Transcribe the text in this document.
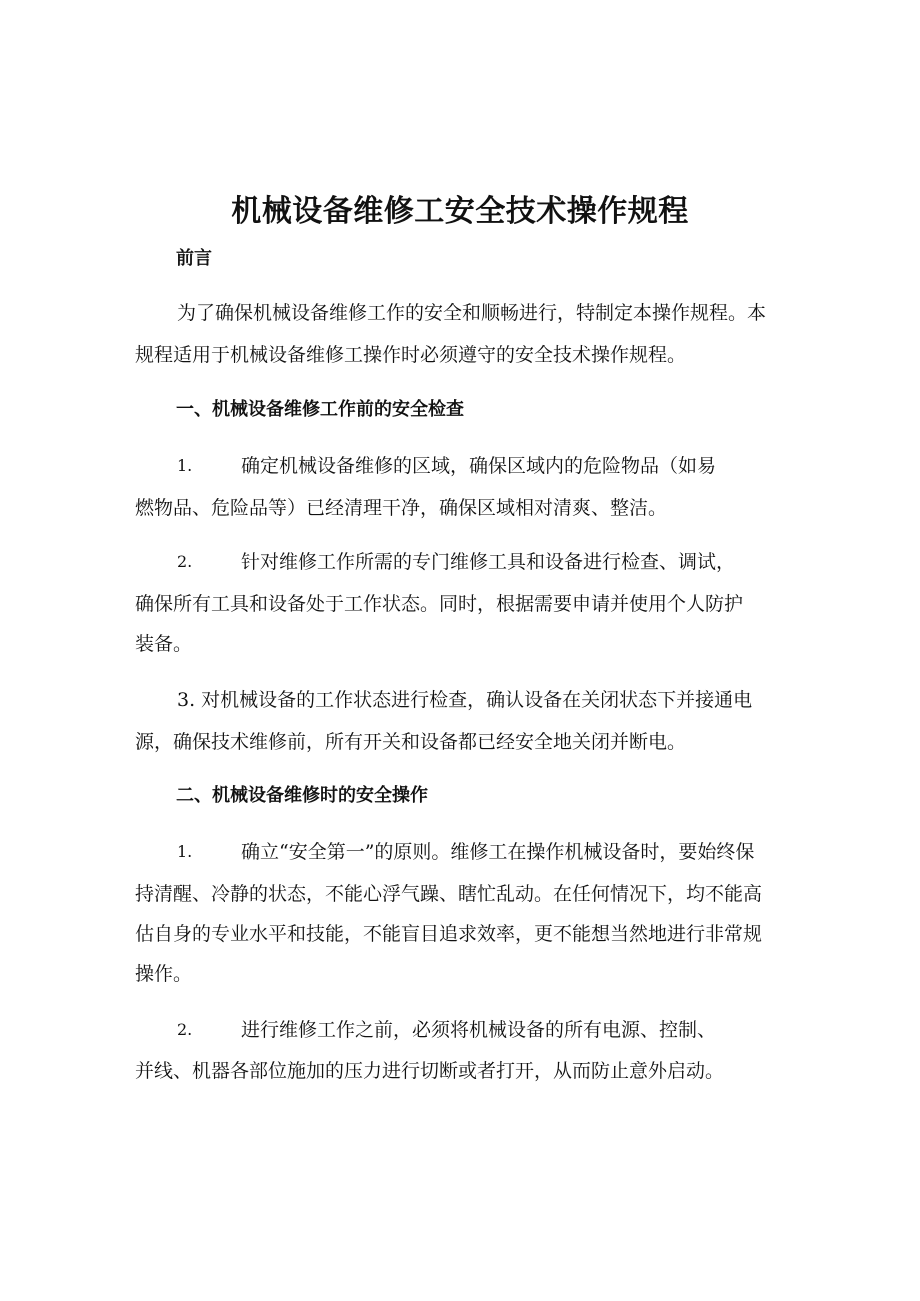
机械设备维修工安全技术操作规程
前言
为了确保机械设备维修工作的安全和顺畅进行，特制定本操作规程。本
规程适用于机械设备维修工操作时必须遵守的安全技术操作规程。
一、机械设备维修工作前的安全检查
1.	确定机械设备维修的区域，确保区域内的危险物品（如易
燃物品、危险品等）已经清理干净，确保区域相对清爽、整洁。
2.	针对维修工作所需的专门维修工具和设备进行检查、调试，
确保所有工具和设备处于工作状态。同时，根据需要申请并使用个人防护
装备。
3. 对机械设备的工作状态进行检查，确认设备在关闭状态下并接通电
源，确保技术维修前，所有开关和设备都已经安全地关闭并断电。
二、机械设备维修时的安全操作
1.	确立“安全第一”的原则。维修工在操作机械设备时，要始终保
持清醒、冷静的状态，不能心浮气躁、瞎忙乱动。在任何情况下，均不能高
估自身的专业水平和技能，不能盲目追求效率，更不能想当然地进行非常规
操作。
2.	进行维修工作之前，必须将机械设备的所有电源、控制、
并线、机器各部位施加的压力进行切断或者打开，从而防止意外启动。
